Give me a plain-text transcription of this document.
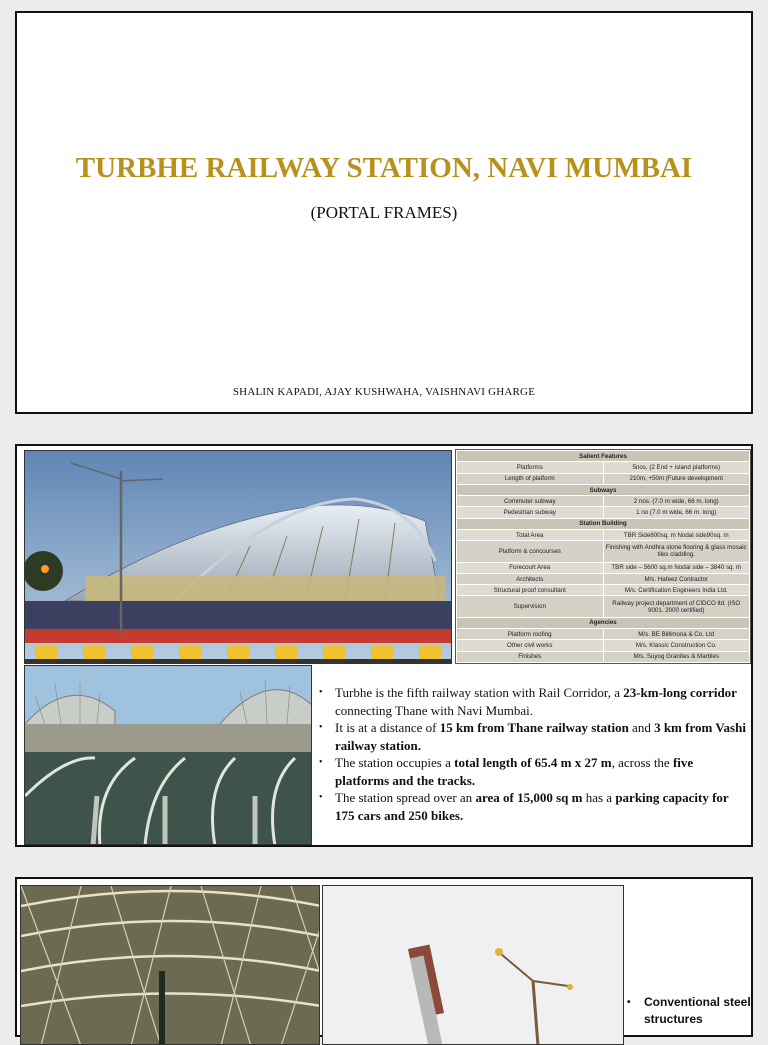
TURBHE RAILWAY STATION, NAVI MUMBAI
(PORTAL FRAMES)
SHALIN KAPADI, AJAY KUSHWAHA, VAISHNAVI GHARGE
Salient Features	
Platforms	5nos, (2 End + island platforms)
Length of platform	210m, +50m (Future development
Subways	
Commuter subway	2 nos. (7.0 m wide, 66 m. long)
Pedestrian subway	1 no (7.0 m wide, 66 m. long)
Station Building	
Total Area	TBR Side800sq. m Nodal side90sq. m
Platform & concourses	Finishing with Andhra stone flooring & glass mosaic tiles cladding.
Forecourt Area	TBR side – 5600 sq.m Nodal side – 3840 sq. m
Architects	M/s. Hafeez Contractor
Structural proof consultant	M/s. Certification Engineers India Ltd.
Supervision	Railway project department of CIDCO ltd. (ISO 9001. 2000 certified)
Agencies	
Platform roofing	M/s. BE Billimoria & Co. Ltd
Other civil works	M/s. Klassic Construction Co.
Finishes	M/s. Suyog Granites & Marbles
• Turbhe is the fifth railway station with Rail Corridor, a 23-km-long corridor connecting Thane with Navi Mumbai.
• It is at a distance of 15 km from Thane railway station and 3 km from Vashi railway station.
• The station occupies a total length of 65.4 m x 27 m, across the five platforms and the tracks.
• The station spread over an area of 15,000 sq m has a parking capacity for 175 cars and 250 bikes.
• Conventional steel structures
